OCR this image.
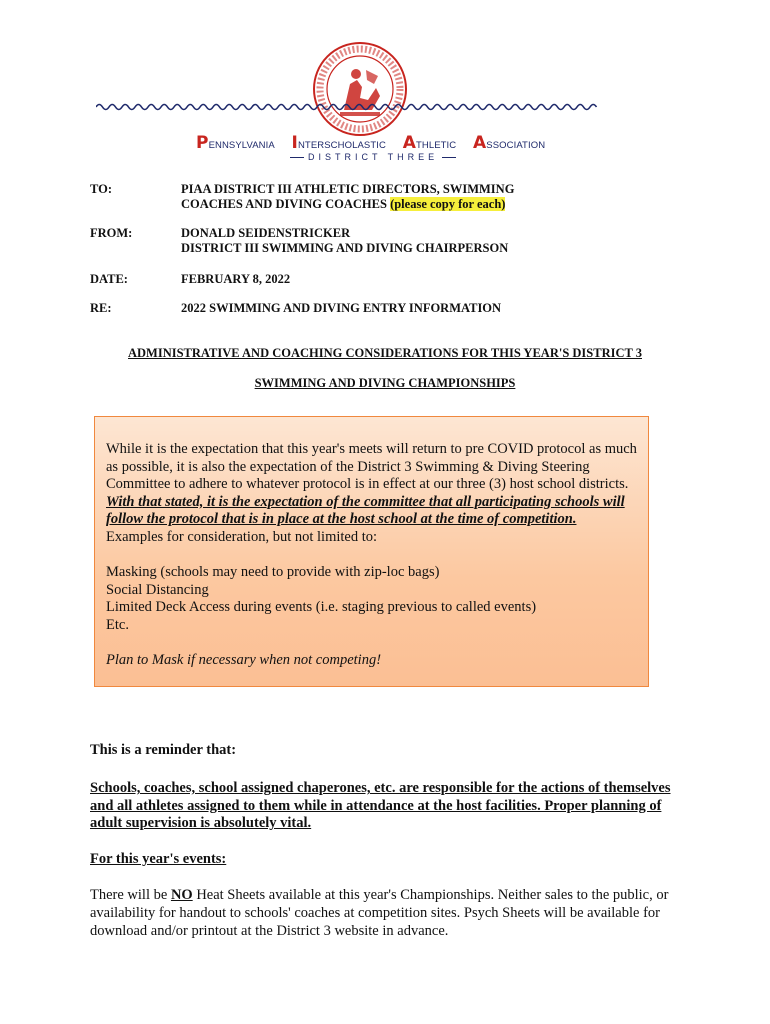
PENNSYLVANIA INTERSCHOLASTIC ATHLETIC ASSOCIATION
DISTRICT THREE
TO:	PIAA DISTRICT III ATHLETIC DIRECTORS, SWIMMING
COACHES AND DIVING COACHES (please copy for each)
FROM:	DONALD SEIDENSTRICKER
DISTRICT III SWIMMING AND DIVING CHAIRPERSON
DATE:	FEBRUARY 8, 2022
RE:	2022 SWIMMING AND DIVING ENTRY INFORMATION
ADMINISTRATIVE AND COACHING CONSIDERATIONS FOR THIS YEAR'S DISTRICT 3
SWIMMING AND DIVING CHAMPIONSHIPS

While it is the expectation that this year's meets will return to pre COVID protocol as much as possible, it is also the expectation of the District 3 Swimming & Diving Steering Committee to adhere to whatever protocol is in effect at our three (3) host school districts.  With that stated, it is the expectation of the committee that all participating schools will follow the protocol that is in place at the host school at the time of competition.

Examples for consideration, but not limited to:

Masking (schools may need to provide with zip-loc bags)
Social Distancing
Limited Deck Access during events (i.e. staging previous to called events)
Etc.

Plan to Mask if necessary when not competing!

This is a reminder that:
Schools, coaches, school assigned chaperones, etc. are responsible for the actions of themselves and all athletes assigned to them while in attendance at the host facilities. Proper planning of adult supervision is absolutely vital.
For this year's events:
There will be NO Heat Sheets available at this year's Championships. Neither sales to the public, or availability for handout to schools' coaches at competition sites. Psych Sheets will be available for download and/or printout at the District 3 website in advance.
